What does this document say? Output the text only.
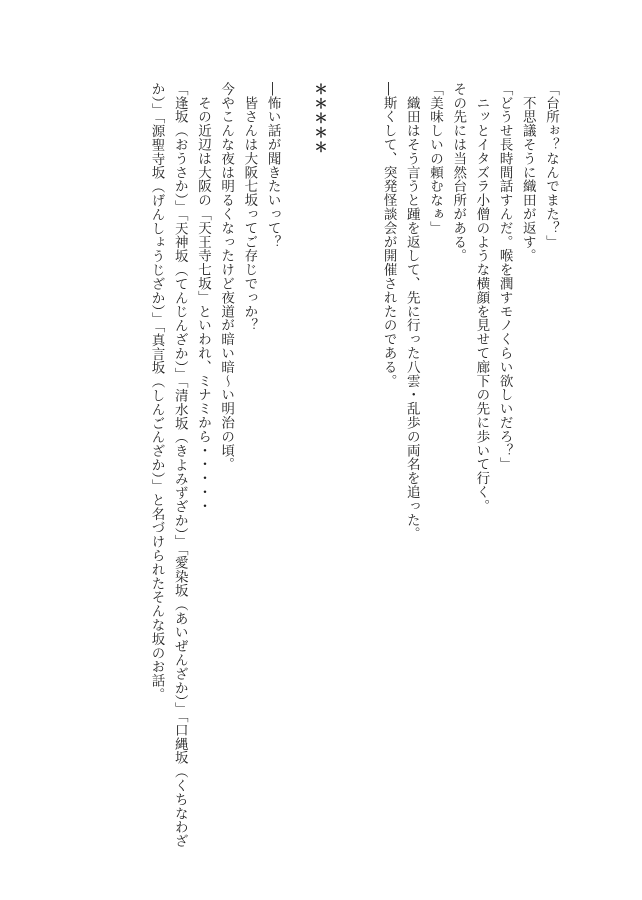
「台所ぉ？なんでまた？」
　不思議そうに織田が返す。
「どうせ長時間話すんだ。喉を潤すモノくらい欲しいだろ？」
　ニッとイタズラ小僧のような横顔を見せて廊下の先に歩いて行く。
その先には当然台所がある。
「美味しいの頼むなぁ」
　織田はそう言うと踵を返して、先に行った八雲・乱歩の両名を追った。
―斯くして、突発怪談会が開催されたのである。

＊＊＊＊＊

―怖い話が聞きたいって？
　皆さんは大阪七坂ってご存じでっか？
今やこんな夜は明るくなったけど夜道が暗い暗～い明治の頃。
　その近辺は大阪の「天王寺七坂」といわれ、ミナミから・・・・・
「逢坂（おうさか）」「天神坂（てんじんざか）」「清水坂（きよみずざか）」「愛染坂（あいぜんざか）」「口縄坂（くちなわざ
か）」「源聖寺坂（げんしょうじざか）」「真言坂（しんごんざか）」と名づけられたそんな坂のお話。
